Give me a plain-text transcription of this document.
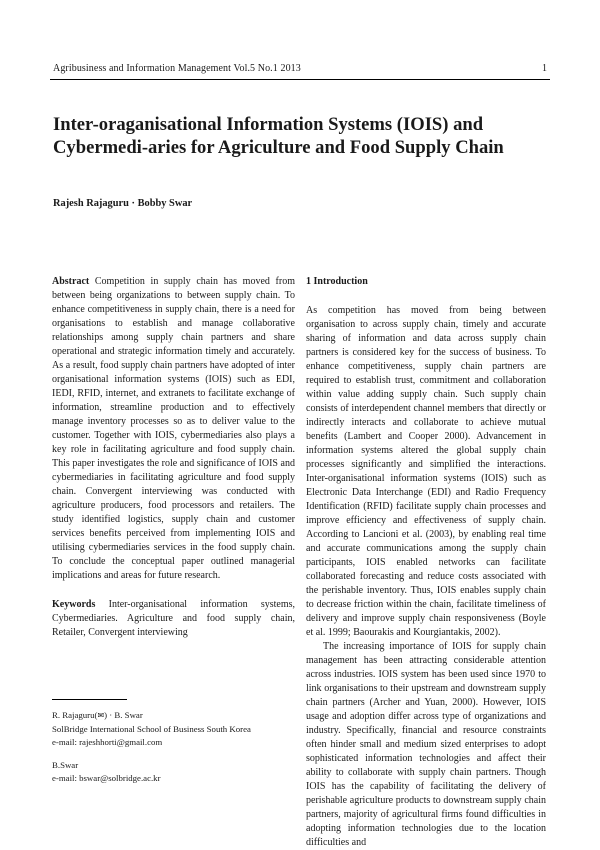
Agribusiness and Information Management Vol.5 No.1 2013	1
Inter-oraganisational Information Systems (IOIS) and Cybermedi-aries for Agriculture and Food Supply Chain
Rajesh Rajaguru · Bobby Swar

Abstract Competition in supply chain has moved from between being organizations to between supply chain. To enhance competitiveness in supply chain, there is a need for organisations to establish and manage collaborative relationships among supply chain partners and share operational and strategic information timely and accurately. As a result, food supply chain partners have adopted of inter organisational information systems (IOIS) such as EDI, IEDI, RFID, internet, and extranets to facilitate exchange of information, streamline production and to effectively manage inventory processes so as to deliver value to the customer. Together with IOIS, cybermediaries also plays a key role in facilitating agriculture and food supply chain. This paper investigates the role and significance of IOIS and cybermediaries in facilitating agriculture and food supply chain. Convergent interviewing was conducted with agriculture producers, food processors and retailers. The study identified logistics, supply chain and customer services benefits perceived from implementing IOIS and utilising cybermediaries services in the food supply chain. To conclude the conceptual paper outlined managerial implications and areas for future research.

Keywords Inter-organisational information systems, Cybermediaries. Agriculture and food supply chain, Retailer, Convergent interviewing

R. Rajaguru(✉) · B. Swar

SolBridge International School of Business South Korea

e-mail: rajeshhorti@gmail.com

B.Swar

e-mail: bswar@solbridge.ac.kr

1 Introduction

As competition has moved from being between organisation to across supply chain, timely and accurate sharing of information and data across supply chain partners is considered key for the success of business. To enhance competitiveness, supply chain partners are required to establish trust, commitment and collaboration within value adding supply chain. Such supply chain consists of interdependent channel members that directly or indirectly interacts and collaborate to achieve mutual benefits (Lambert and Cooper 2000). Advancement in information systems altered the global supply chain processes significantly and simplified the interactions. Inter-organisational information systems (IOIS) such as Electronic Data Interchange (EDI) and Radio Frequency Identification (RFID) facilitate supply chain processes and improve efficiency and effectiveness of supply chain. According to Lancioni et al. (2003), by enabling real time and accurate communications among the supply chain participants, IOIS enabled networks can facilitate collaborated forecasting and reduce costs associated with the perishable inventory. Thus, IOIS enables supply chain to decrease friction within the chain, facilitate timeliness of delivery and improve supply chain responsiveness (Boyle et al. 1999; Baourakis and Kourgiantakis, 2002).

The increasing importance of IOIS for supply chain management has been attracting considerable attention across industries. IOIS system has been used since 1970 to link organisations to their upstream and downstream supply chain partners (Archer and Yuan, 2000). However, IOIS usage and adoption differ across type of organizations and industry. Specifically, financial and resource constraints often hinder small and medium sized enterprises to adopt sophisticated information technologies and affect their ability to collaborate with supply chain partners. Though IOIS has the capability of facilitating the delivery of perishable agriculture products to downstream supply chain partners, majority of agricultural firms found difficulties in adopting information technologies due to the location difficulties and
